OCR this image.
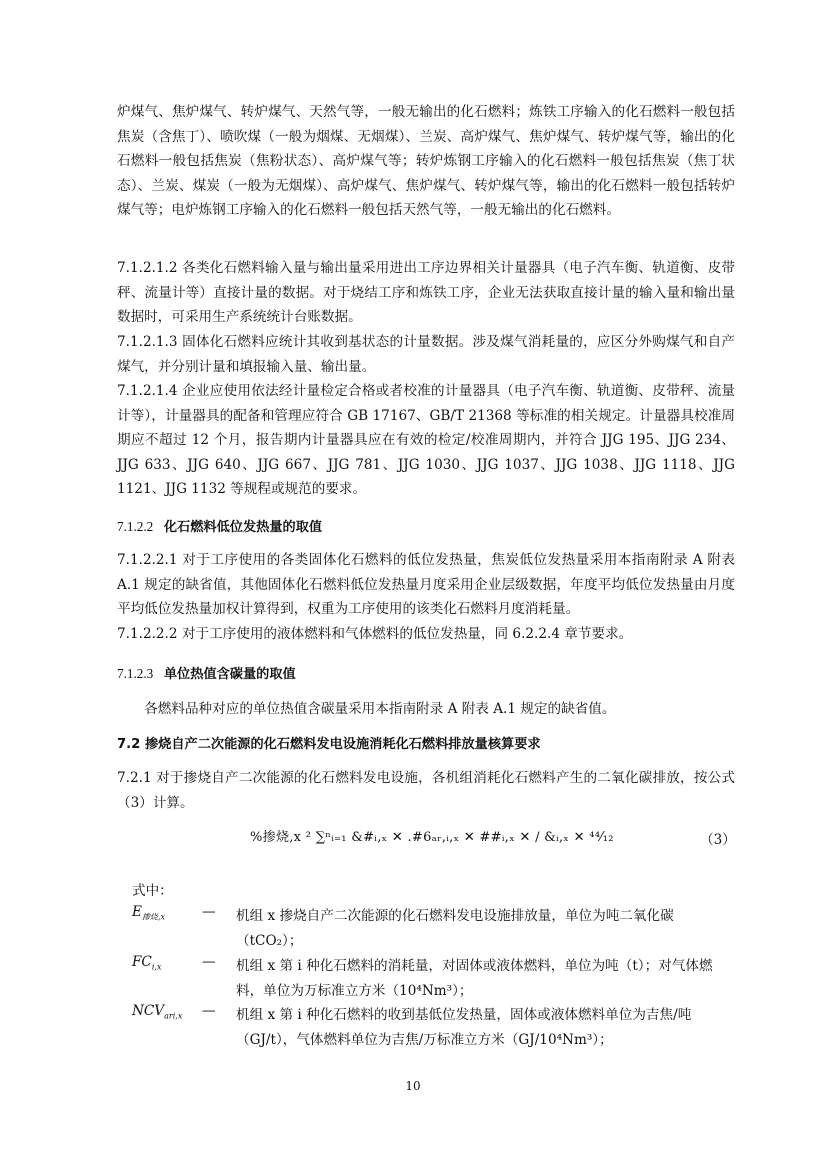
炉煤气、焦炉煤气、转炉煤气、天然气等，一般无输出的化石燃料；炼铁工序输入的化石燃料一般包括焦炭（含焦丁）、喷吹煤（一般为烟煤、无烟煤）、兰炭、高炉煤气、焦炉煤气、转炉煤气等，输出的化石燃料一般包括焦炭（焦粉状态）、高炉煤气等；转炉炼钢工序输入的化石燃料一般包括焦炭（焦丁状态）、兰炭、煤炭（一般为无烟煤）、高炉煤气、焦炉煤气、转炉煤气等，输出的化石燃料一般包括转炉煤气等；电炉炼钢工序输入的化石燃料一般包括天然气等，一般无输出的化石燃料。

7.1.2.1.2 各类化石燃料输入量与输出量采用进出工序边界相关计量器具（电子汽车衡、轨道衡、皮带秤、流量计等）直接计量的数据。对于烧结工序和炼铁工序，企业无法获取直接计量的输入量和输出量数据时，可采用生产系统统计台账数据。

7.1.2.1.3 固体化石燃料应统计其收到基状态的计量数据。涉及煤气消耗量的，应区分外购煤气和自产煤气，并分别计量和填报输入量、输出量。

7.1.2.1.4 企业应使用依法经计量检定合格或者校准的计量器具（电子汽车衡、轨道衡、皮带秤、流量计等），计量器具的配备和管理应符合 GB 17167、GB/T 21368 等标准的相关规定。计量器具校准周期应不超过 12 个月，报告期内计量器具应在有效的检定/校准周期内，并符合 JJG 195、JJG 234、JJG 633、JJG 640、JJG 667、JJG 781、JJG 1030、JJG 1037、JJG 1038、JJG 1118、JJG 1121、JJG 1132 等规程或规范的要求。

7.1.2.2 化石燃料低位发热量的取值

7.1.2.2.1 对于工序使用的各类固体化石燃料的低位发热量，焦炭低位发热量采用本指南附录 A 附表 A.1 规定的缺省值，其他固体化石燃料低位发热量月度采用企业层级数据，年度平均低位发热量由月度平均低位发热量加权计算得到，权重为工序使用的该类化石燃料月度消耗量。

7.1.2.2.2 对于工序使用的液体燃料和气体燃料的低位发热量，同 6.2.2.4 章节要求。

7.1.2.3 单位热值含碳量的取值

各燃料品种对应的单位热值含碳量采用本指南附录 A 附表 A.1 规定的缺省值。

7.2 掺烧自产二次能源的化石燃料发电设施消耗化石燃料排放量核算要求

7.2.1 对于掺烧自产二次能源的化石燃料发电设施，各机组消耗化石燃料产生的二氧化碳排放，按公式（3）计算。

%掺烧,x ² ∑ⁿᵢ₌₁ &#ᵢ,ₓ ✕ .#6ₐᵣ,ᵢ,ₓ ✕ ##ᵢ,ₓ ✕ / &ᵢ,ₓ ✕ ⁴⁴⁄₁₂	（3）
式中：
$E_{掺烧,x}$	— 机组 x 掺烧自产二次能源的化石燃料发电设施排放量，单位为吨二氧化碳（tCO₂）；
$FC_{i,x}$	— 机组 x 第 i 种化石燃料的消耗量，对固体或液体燃料，单位为吨（t）；对气体燃料，单位为万标准立方米（10⁴Nm³）；
$NCV_{ari,x}$	— 机组 x 第 i 种化石燃料的收到基低位发热量，固体或液体燃料单位为吉焦/吨（GJ/t），气体燃料单位为吉焦/万标准立方米（GJ/10⁴Nm³）；
10
